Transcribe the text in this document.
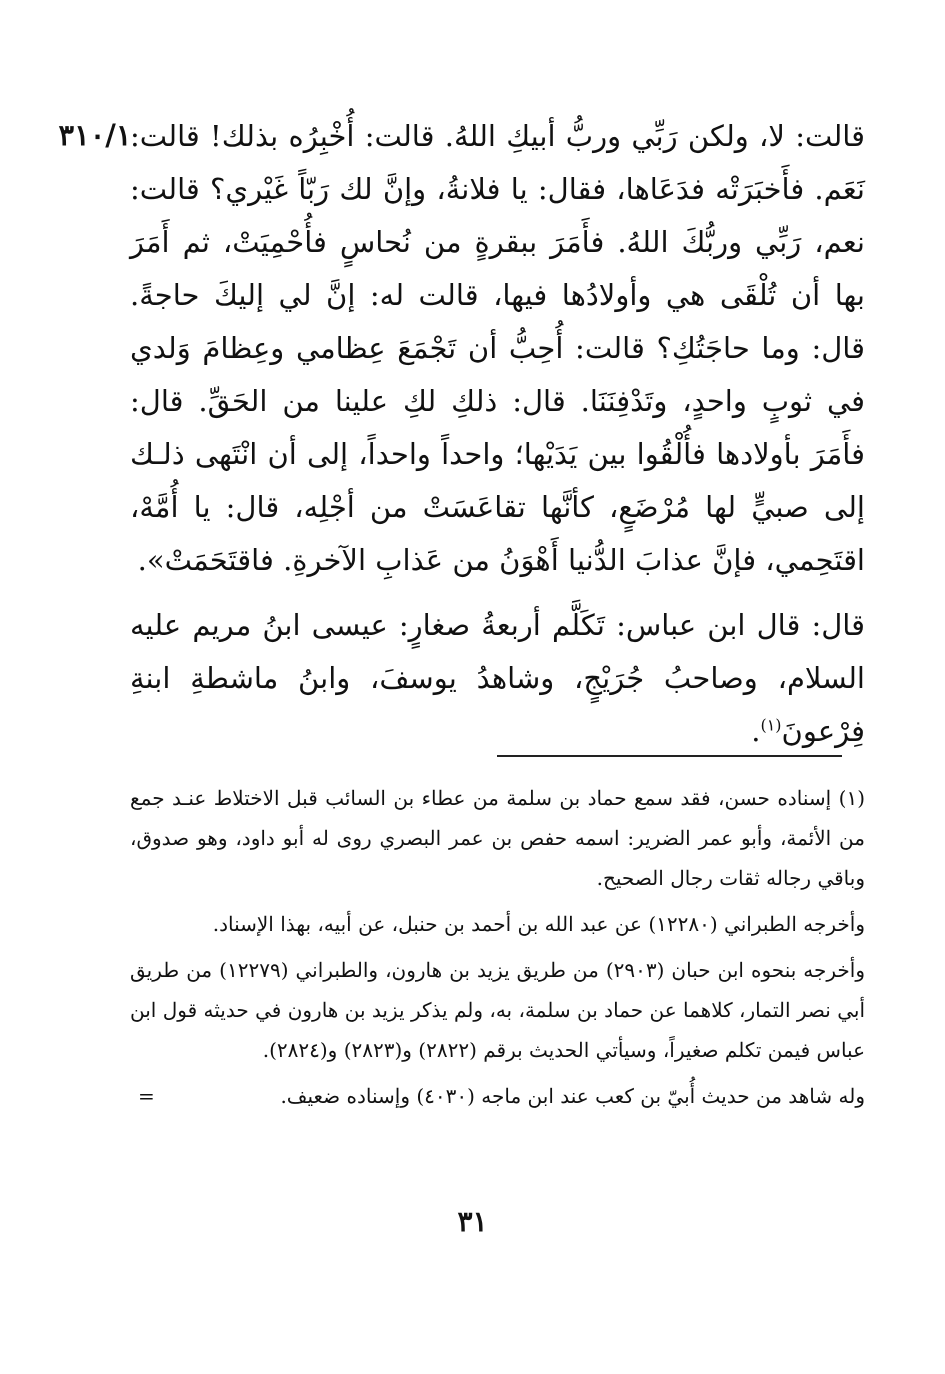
٣١٠/١

قالت: لا، ولكن رَبِّي وربُّ أبيكِ اللهُ. قالت: أُخْبِرُه بذلك! قالت: نَعَم. فأَخبَرَتْه فدَعَاها، فقال: يا فلانةُ، وإنَّ لك رَبّاً غَيْري؟ قالت: نعم، رَبِّي وربُّكَ اللهُ. فأَمَرَ ببقرةٍ من نُحاسٍ فأُحْمِيَتْ، ثم أَمَرَ بها أن تُلْقَى هي وأولادُها فيها، قالت له: إنَّ لي إليكَ حاجةً. قال: وما حاجَتُكِ؟ قالت: أُحِبُّ أن تَجْمَعَ عِظامي وعِظامَ وَلدي في ثوبٍ واحدٍ، وتَدْفِنَنَا. قال: ذلكِ لكِ علينا من الحَقِّ. قال: فأَمَرَ بأولادها فأُلْقُوا بين يَدَيْها؛ واحداً واحداً، إلى أن انْتَهى ذلـك إلى صبيٍّ لها مُرْضَعٍ، كأنَّها تقاعَسَتْ من أجْلِه، قال: يا أُمَّهْ، اقتَحِمي، فإنَّ عذابَ الدُّنيا أَهْوَنُ من عَذابِ الآخرةِ. فاقتَحَمَتْ».

قال: قال ابن عباس: تَكَلَّم أربعةُ صغارٍ: عيسى ابنُ مريم عليه السلام، وصاحبُ جُرَيْجٍ، وشاهدُ يوسفَ، وابنُ ماشطةِ ابنةِ فِرْعونَ$^{(١)}$.

(١) إسناده حسن، فقد سمع حماد بن سلمة من عطاء بن السائب قبل الاختلاط عنـد جمع من الأئمة، وأبو عمر الضرير: اسمه حفص بن عمر البصري روى له أبو داود، وهو صدوق، وباقي رجاله ثقات رجال الصحيح.

وأخرجه الطبراني (١٢٢٨٠) عن عبد الله بن أحمد بن حنبل، عن أبيه، بهذا الإسناد.

وأخرجه بنحوه ابن حبان (٢٩٠٣) من طريق يزيد بن هارون، والطبراني (١٢٢٧٩) من طريق أبي نصر التمار، كلاهما عن حماد بن سلمة، به، ولم يذكر يزيد بن هارون في حديثه قول ابن عباس فيمن تكلم صغيراً، وسيأتي الحديث برقم (٢٨٢٢) و(٢٨٢٣) و(٢٨٢٤).

وله شاهد من حديث أُبيّ بن كعب عند ابن ماجه (٤٠٣٠) وإسناده ضعيف.
=

٣١
